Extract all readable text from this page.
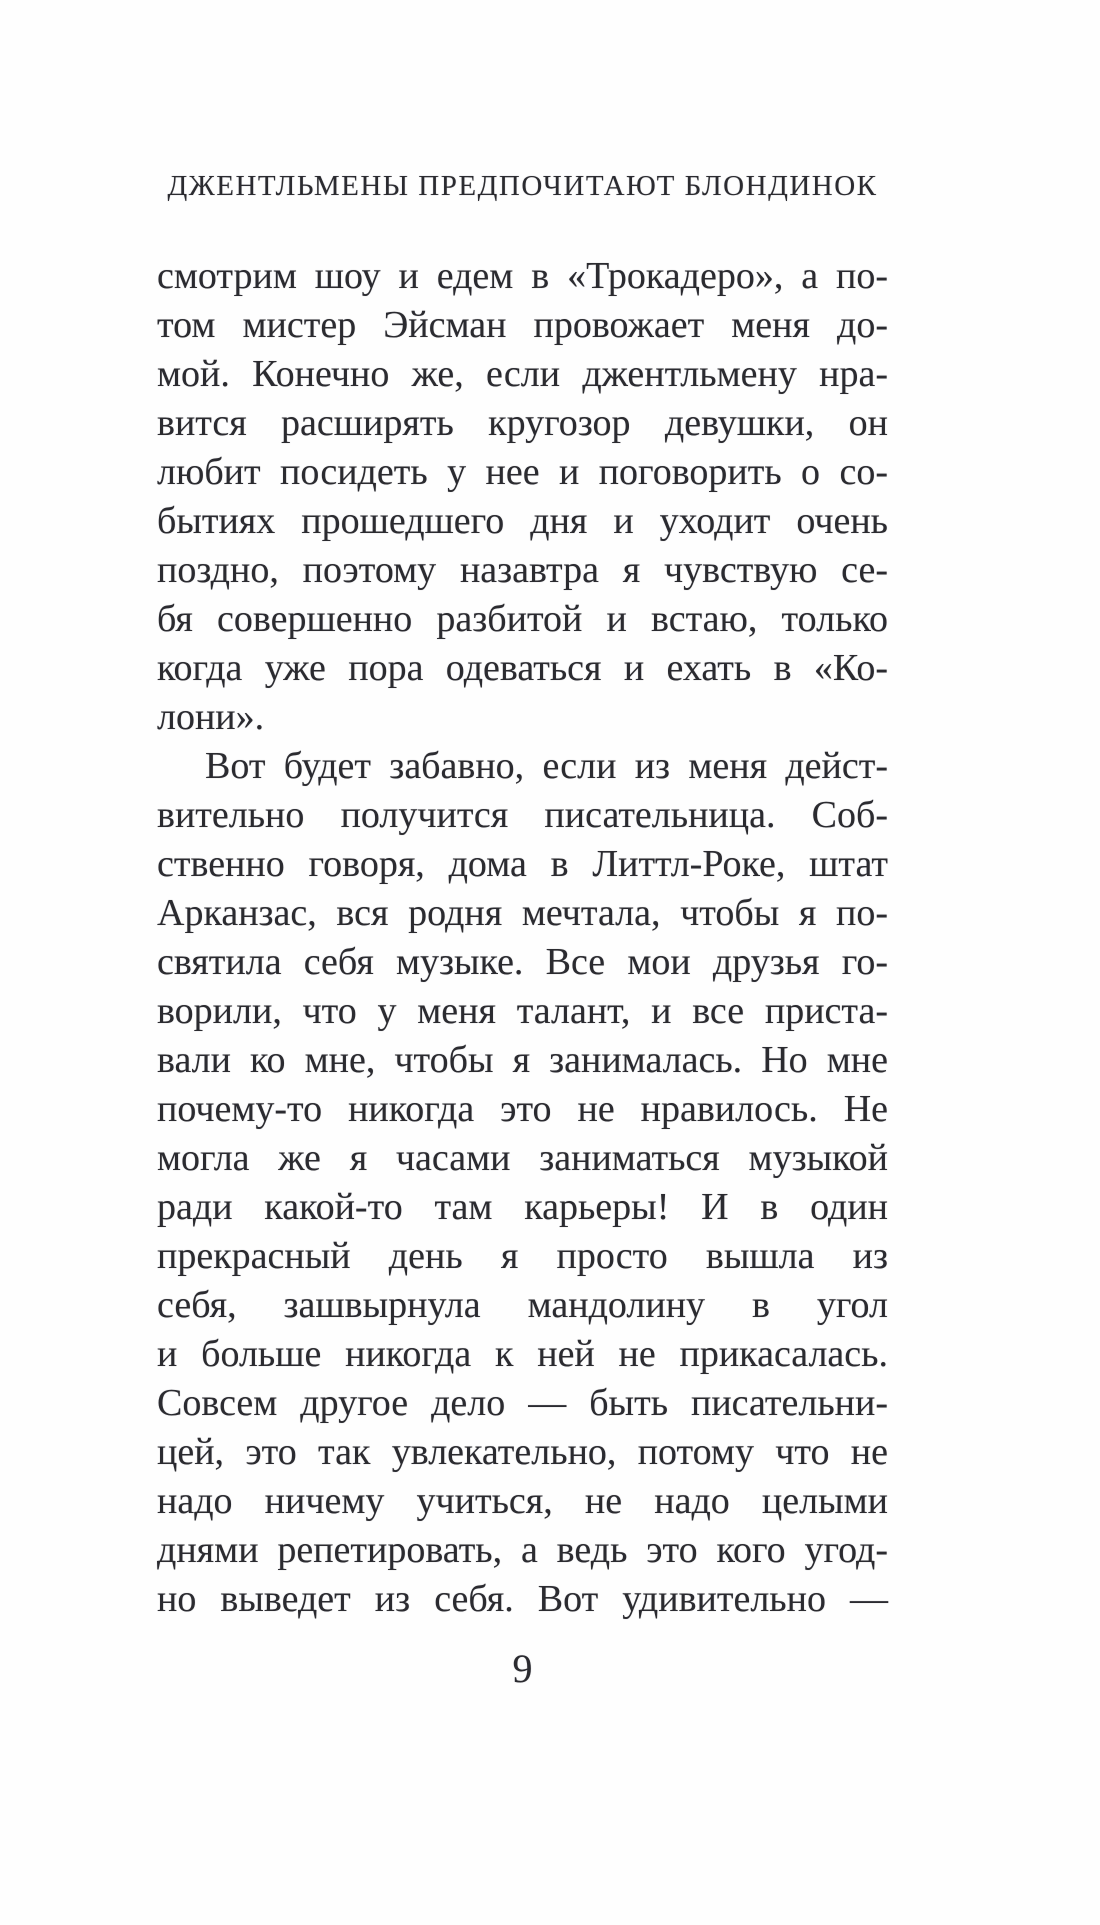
ДЖЕНТЛЬМЕНЫ ПРЕДПОЧИТАЮТ БЛОНДИНОК
смотрим шоу и едем в «Трокадеро», а по-
том мистер Эйсман провожает меня до-
мой. Конечно же, если джентльмену нра-
вится расширять кругозор девушки, он
любит посидеть у нее и поговорить о со-
бытиях прошедшего дня и уходит очень
поздно, поэтому назавтра я чувствую се-
бя совершенно разбитой и встаю, только
когда уже пора одеваться и ехать в «Ко-
лони».
Вот будет забавно, если из меня дейст-
вительно получится писательница. Соб-
ственно говоря, дома в Литтл-Роке, штат
Арканзас, вся родня мечтала, чтобы я по-
святила себя музыке. Все мои друзья го-
ворили, что у меня талант, и все приста-
вали ко мне, чтобы я занималась. Но мне
почему-то никогда это не нравилось. Не
могла же я часами заниматься музыкой
ради какой-то там карьеры! И в один
прекрасный день я просто вышла из
себя, зашвырнула мандолину в угол
и больше никогда к ней не прикасалась.
Совсем другое дело — быть писательни-
цей, это так увлекательно, потому что не
надо ничему учиться, не надо целыми
днями репетировать, а ведь это кого угод-
но выведет из себя. Вот удивительно —
9
